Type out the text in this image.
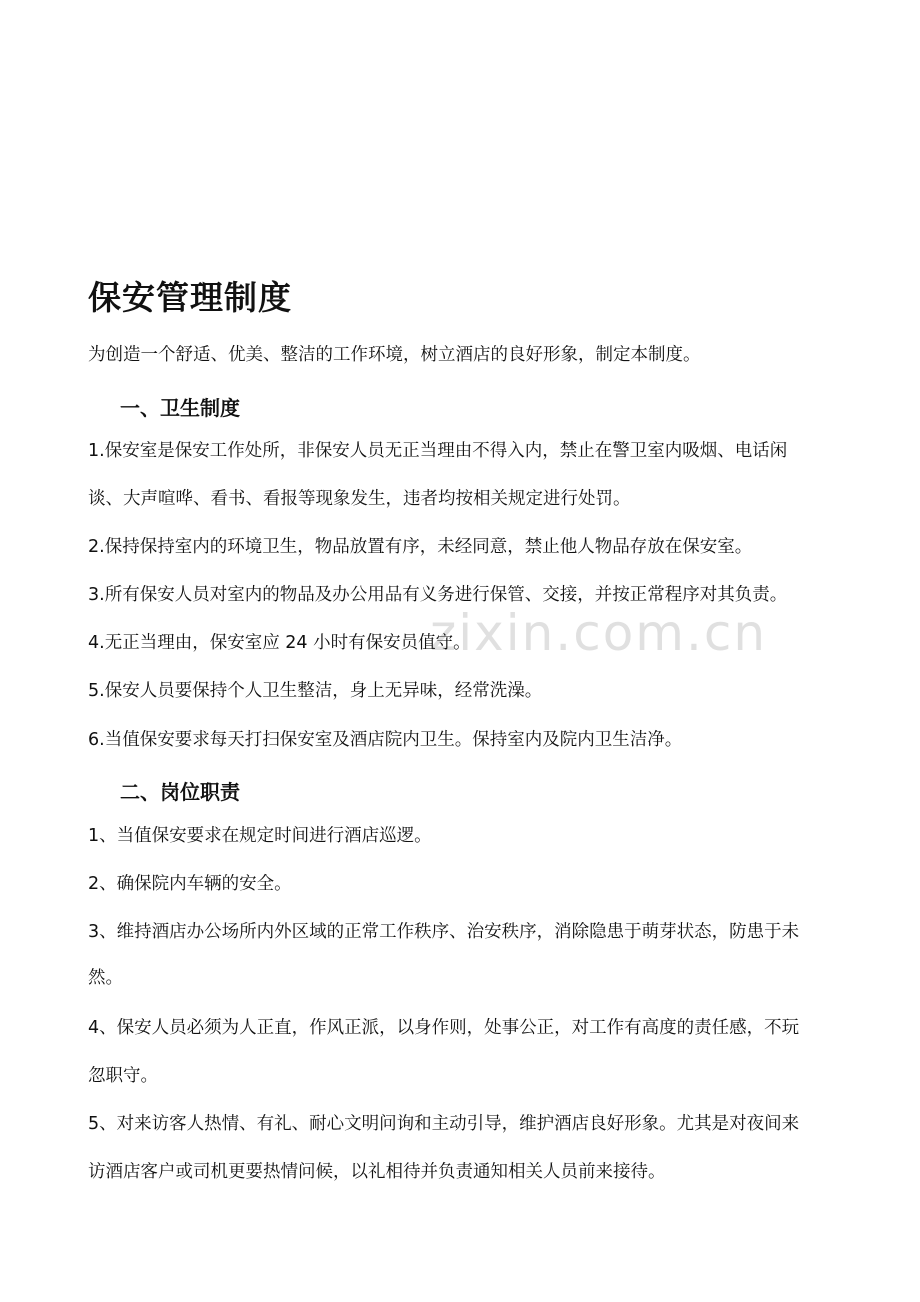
zixin.com.cn
保安管理制度

为创造一个舒适、优美、整洁的工作环境，树立酒店的良好形象，制定本制度。

一、卫生制度

1.保安室是保安工作处所，非保安人员无正当理由不得入内，禁止在警卫室内吸烟、电话闲

谈、大声喧哗、看书、看报等现象发生，违者均按相关规定进行处罚。

2.保持保持室内的环境卫生，物品放置有序，未经同意，禁止他人物品存放在保安室。

3.所有保安人员对室内的物品及办公用品有义务进行保管、交接，并按正常程序对其负责。

4.无正当理由，保安室应 24 小时有保安员值守。

5.保安人员要保持个人卫生整洁，身上无异味，经常洗澡。

6.当值保安要求每天打扫保安室及酒店院内卫生。保持室内及院内卫生洁净。

二、岗位职责

1、当值保安要求在规定时间进行酒店巡逻。

2、确保院内车辆的安全。

3、维持酒店办公场所内外区域的正常工作秩序、治安秩序，消除隐患于萌芽状态，防患于未

然。

4、保安人员必须为人正直，作风正派，以身作则，处事公正，对工作有高度的责任感，不玩

忽职守。

5、对来访客人热情、有礼、耐心文明问询和主动引导，维护酒店良好形象。尤其是对夜间来

访酒店客户或司机更要热情问候，以礼相待并负责通知相关人员前来接待。
